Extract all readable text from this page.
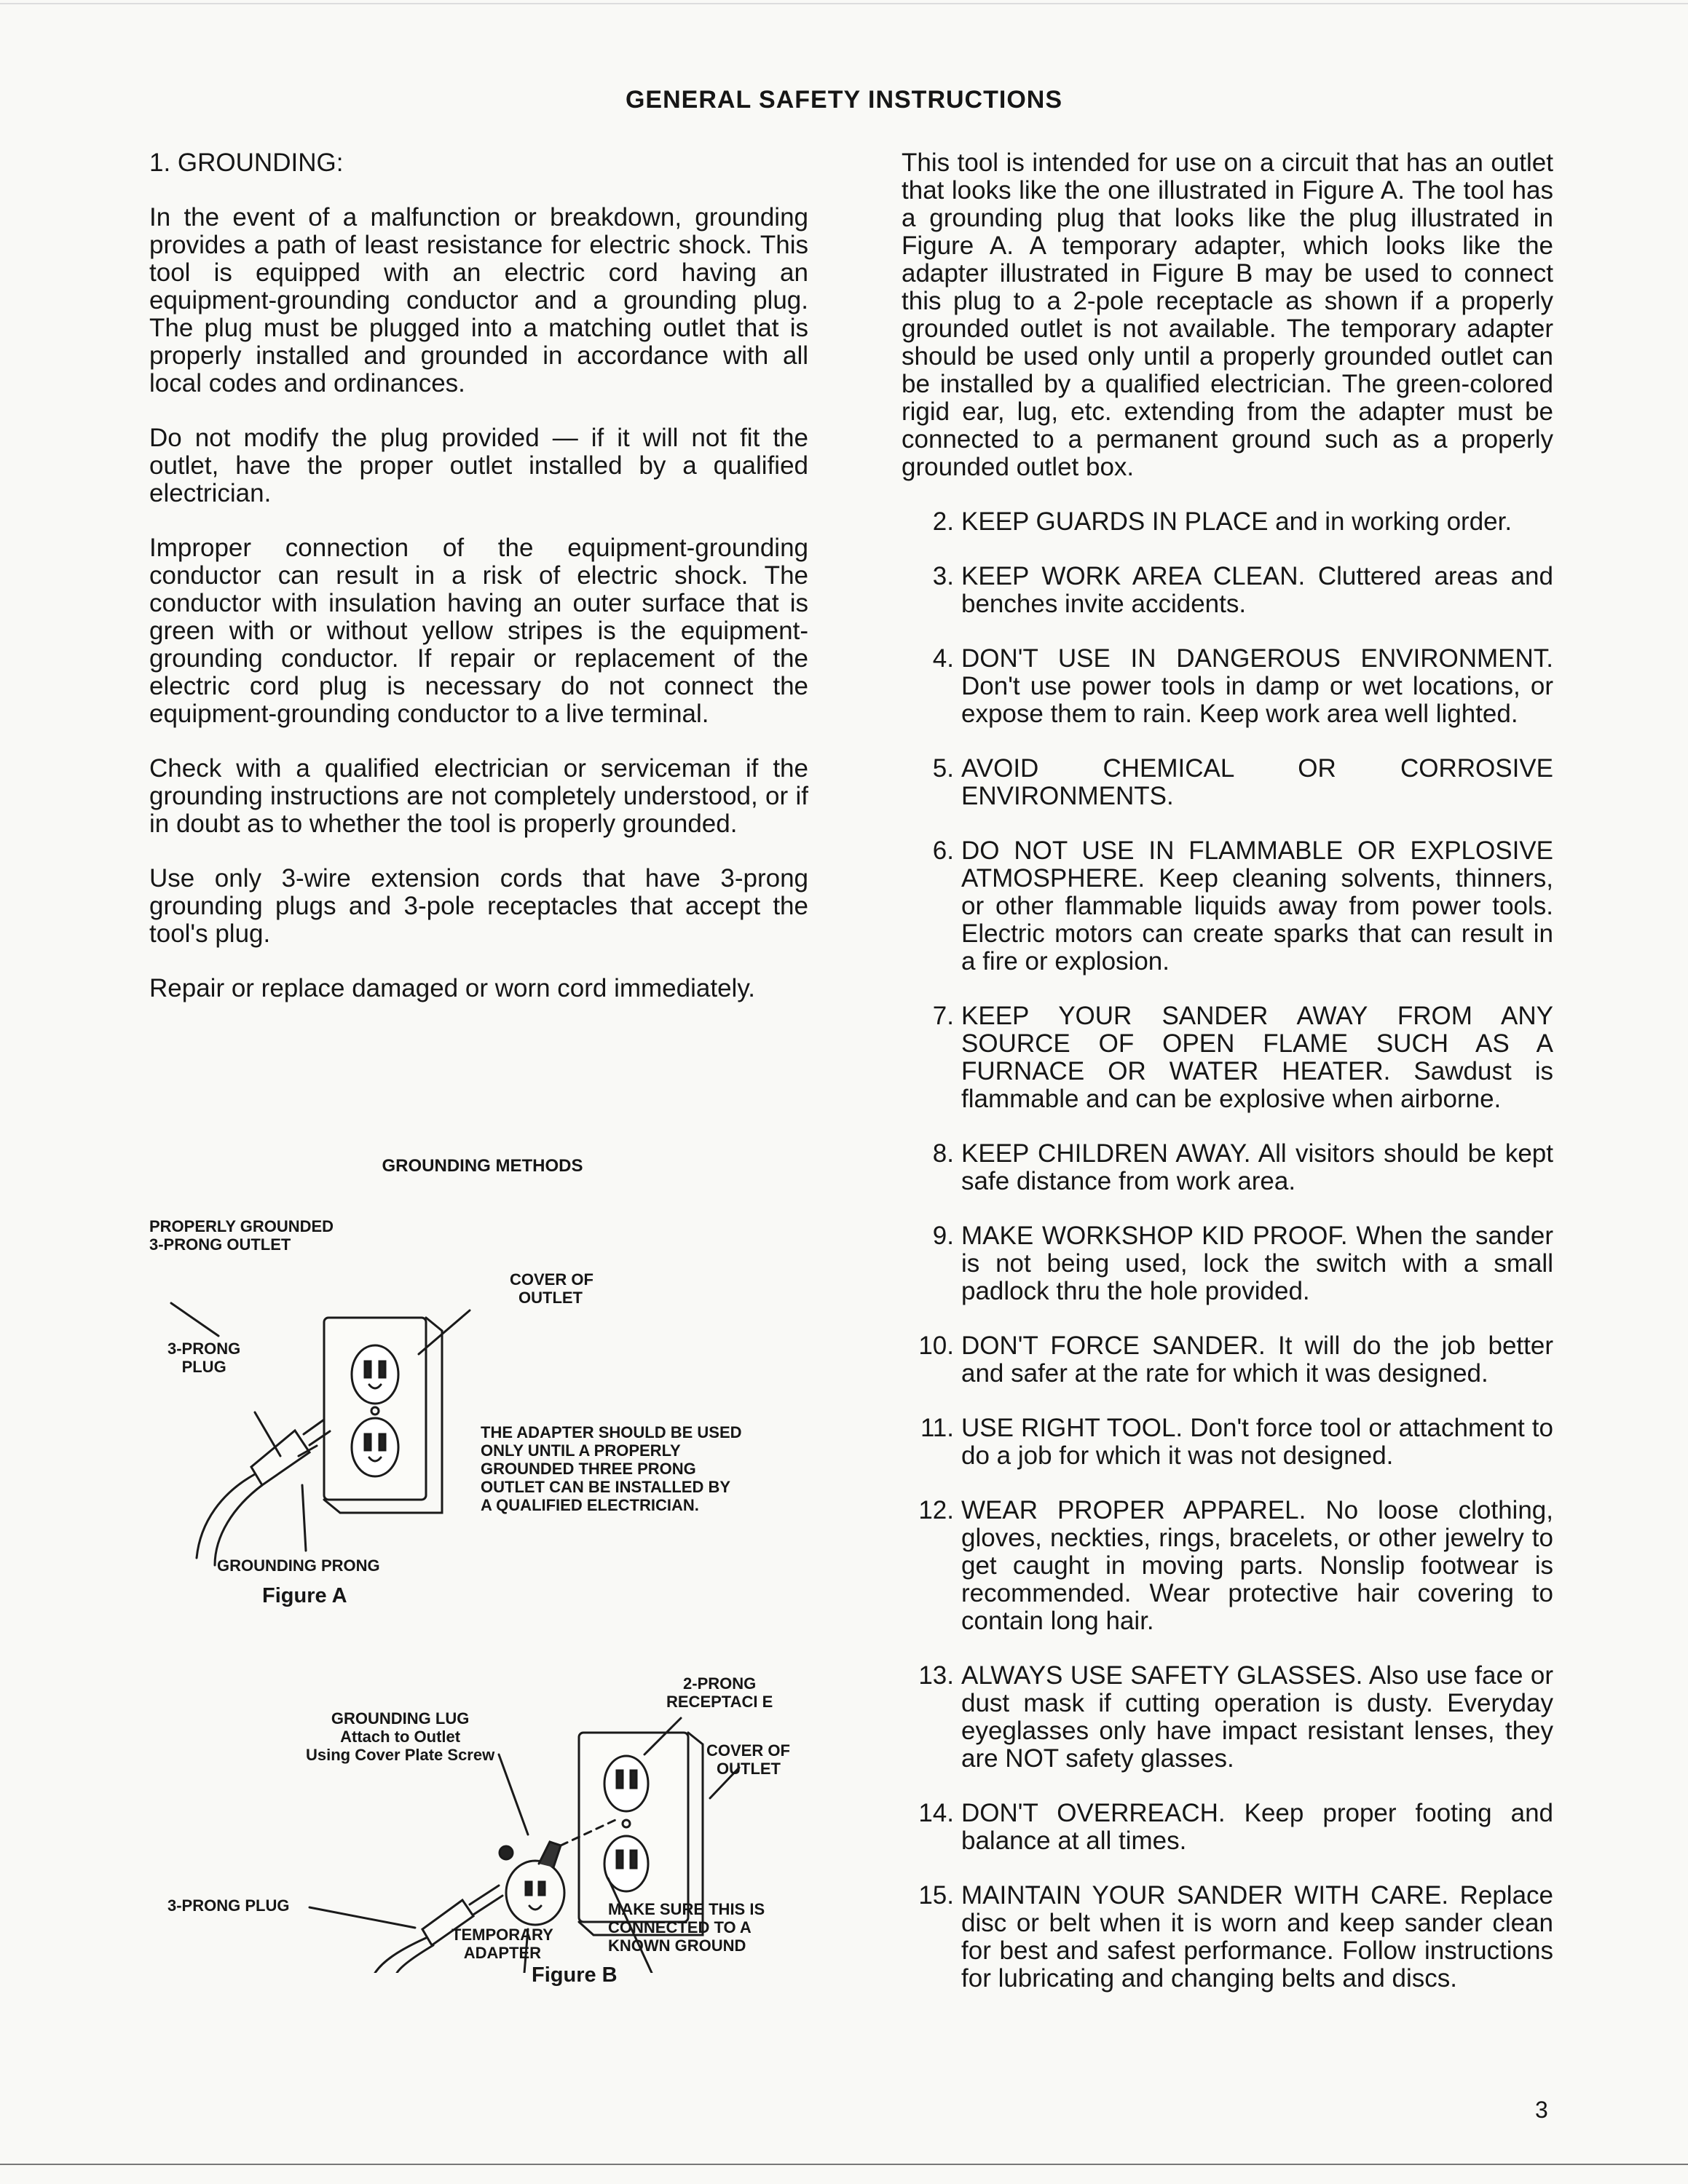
GENERAL SAFETY INSTRUCTIONS

1. GROUNDING:

In the event of a malfunction or breakdown, grounding provides a path of least resistance for electric shock. This tool is equipped with an electric cord having an equipment-grounding conductor and a grounding plug. The plug must be plugged into a matching outlet that is properly installed and grounded in accordance with all local codes and ordinances.

Do not modify the plug provided — if it will not fit the outlet, have the proper outlet installed by a qualified electrician.

Improper connection of the equipment-grounding conductor can result in a risk of electric shock. The conductor with insulation having an outer surface that is green with or without yellow stripes is the equipment-grounding conductor. If repair or replacement of the electric cord plug is necessary do not connect the equipment-grounding conductor to a live terminal.

Check with a qualified electrician or serviceman if the grounding instructions are not completely understood, or if in doubt as to whether the tool is properly grounded.

Use only 3-wire extension cords that have 3-prong grounding plugs and 3-pole receptacles that accept the tool's plug.

Repair or replace damaged or worn cord immediately.

GROUNDING METHODS
PROPERLY GROUNDED
3-PRONG OUTLET
COVER OF
OUTLET
3-PRONG
PLUG
THE ADAPTER SHOULD BE USED
ONLY UNTIL A PROPERLY
GROUNDED THREE PRONG
OUTLET CAN BE INSTALLED BY
A QUALIFIED ELECTRICIAN.
GROUNDING PRONG
Figure A
2-PRONG
RECEPTACI E
GROUNDING LUG
Attach to Outlet
Using Cover Plate Screw	COVER OF
OUTLET
3-PRONG PLUG	MAKE SURE THIS IS
CONNECTED TO A
KNOWN GROUND
TEMPORARY
ADAPTER
Figure B

This tool is intended for use on a circuit that has an outlet that looks like the one illustrated in Figure A. The tool has a grounding plug that looks like the plug illustrated in Figure A. A temporary adapter, which looks like the adapter illustrated in Figure B may be used to connect this plug to a 2-pole receptacle as shown if a properly grounded outlet is not available. The temporary adapter should be used only until a properly grounded outlet can be installed by a qualified electrician. The green-colored rigid ear, lug, etc. extending from the adapter must be connected to a permanent ground such as a properly grounded outlet box.

2. KEEP GUARDS IN PLACE and in working order.
3. KEEP WORK AREA CLEAN. Cluttered areas and benches invite accidents.
4. DON'T USE IN DANGEROUS ENVIRONMENT. Don't use power tools in damp or wet locations, or expose them to rain. Keep work area well lighted.
5. AVOID CHEMICAL OR CORROSIVE ENVIRONMENTS.
6. DO NOT USE IN FLAMMABLE OR EXPLOSIVE ATMOSPHERE. Keep cleaning solvents, thinners, or other flammable liquids away from power tools. Electric motors can create sparks that can result in a fire or explosion.
7. KEEP YOUR SANDER AWAY FROM ANY SOURCE OF OPEN FLAME SUCH AS A FURNACE OR WATER HEATER. Sawdust is flammable and can be explosive when airborne.
8. KEEP CHILDREN AWAY. All visitors should be kept safe distance from work area.
9. MAKE WORKSHOP KID PROOF. When the sander is not being used, lock the switch with a small padlock thru the hole provided.
10. DON'T FORCE SANDER. It will do the job better and safer at the rate for which it was designed.
11. USE RIGHT TOOL. Don't force tool or attachment to do a job for which it was not designed.
12. WEAR PROPER APPAREL. No loose clothing, gloves, neckties, rings, bracelets, or other jewelry to get caught in moving parts. Nonslip footwear is recommended. Wear protective hair covering to contain long hair.
13. ALWAYS USE SAFETY GLASSES. Also use face or dust mask if cutting operation is dusty. Everyday eyeglasses only have impact resistant lenses, they are NOT safety glasses.
14. DON'T OVERREACH. Keep proper footing and balance at all times.
15. MAINTAIN YOUR SANDER WITH CARE. Replace disc or belt when it is worn and keep sander clean for best and safest performance. Follow instructions for lubricating and changing belts and discs.
3
